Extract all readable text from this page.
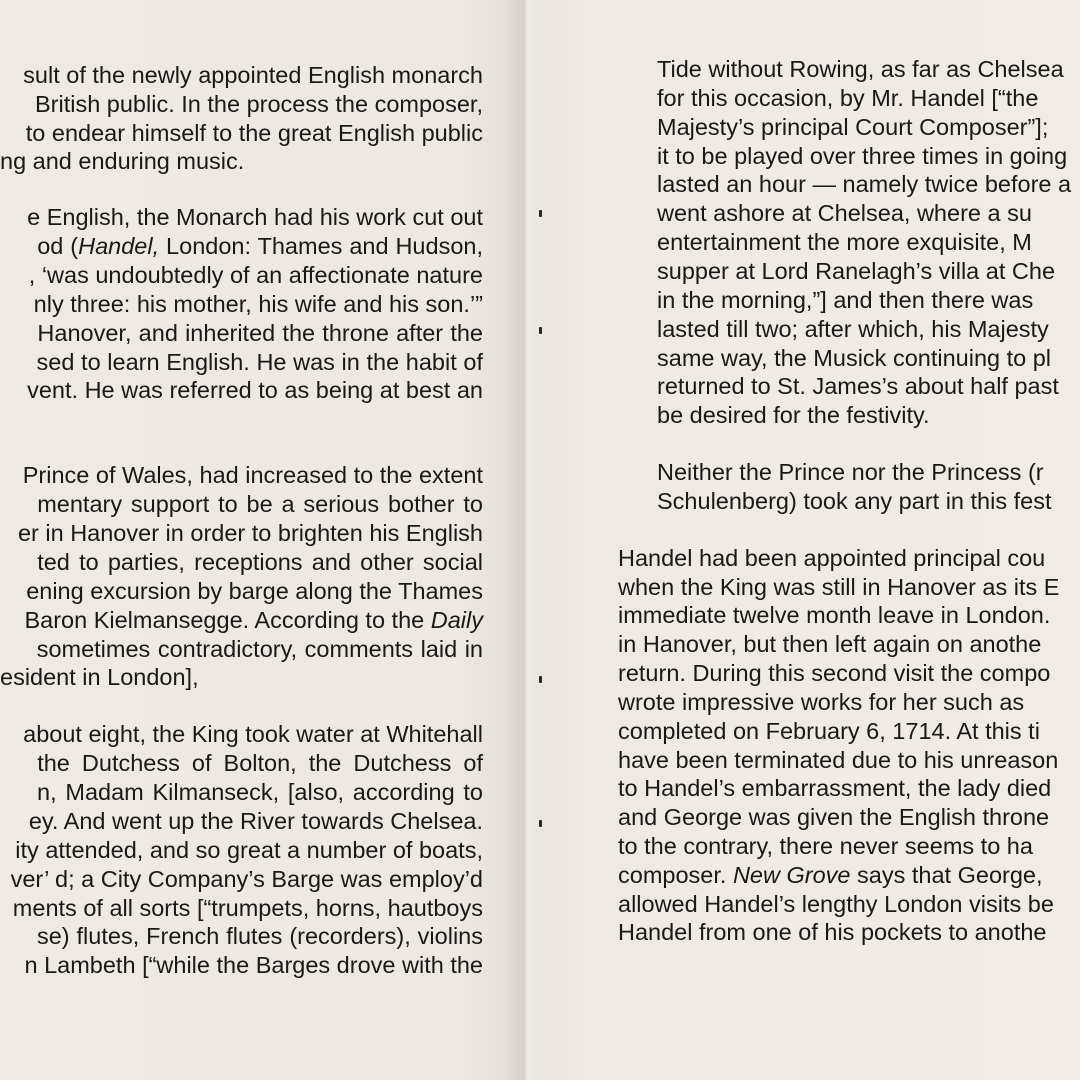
sult of the newly appointed English monarch

British public. In the process the composer,

to endear himself to the great English public

ng and enduring music.

e English, the Monarch had his work cut out

od (Handel, London: Thames and Hudson,

, ‘was undoubtedly of an affectionate nature

nly three: his mother, his wife and his son.’”

Hanover, and inherited the throne after the

sed to learn English. He was in the habit of

vent. He was referred to as being at best an

Prince of Wales, had increased to the extent

mentary support to be a serious bother to

er in Hanover in order to brighten his English

ted to parties, receptions and other social

ening excursion by barge along the Thames

Baron Kielmansegge. According to the Daily

sometimes contradictory, comments laid in

esident in London],

about eight, the King took water at Whitehall

the Dutchess of Bolton, the Dutchess of

n, Madam Kilmanseck, [also, according to

ey. And went up the River towards Chelsea.

ity attended, and so great a number of boats,

ver’ d; a City Company’s Barge was employ’d

ments of all sorts [“trumpets, horns, hautboys

se) flutes, French flutes (recorders), violins

n Lambeth [“while the Barges drove with the

Tide without Rowing, as far as Chelsea

for this occasion, by Mr. Handel [“the

Majesty’s principal Court Composer”];

it to be played over three times in going

lasted an hour — namely twice before a

went ashore at Chelsea, where a su

entertainment the more exquisite, M

supper at Lord Ranelagh’s villa at Che

in the morning,”] and then there was

lasted till two; after which, his Majesty

same way, the Musick continuing to pl

returned to St. James’s about half past

be desired for the festivity.

Neither the Prince nor the Princess (r

Schulenberg) took any part in this fest

Handel had been appointed principal cou

when the King was still in Hanover as its E

immediate twelve month leave in London.

in Hanover, but then left again on anothe

return. During this second visit the compo

wrote impressive works for her such as

completed on February 6, 1714. At this ti

have been terminated due to his unreason

to Handel’s embarrassment, the lady died

and George was given the English throne

to the contrary, there never seems to ha

composer. New Grove says that George,

allowed Handel’s lengthy London visits be

Handel from one of his pockets to anothe
